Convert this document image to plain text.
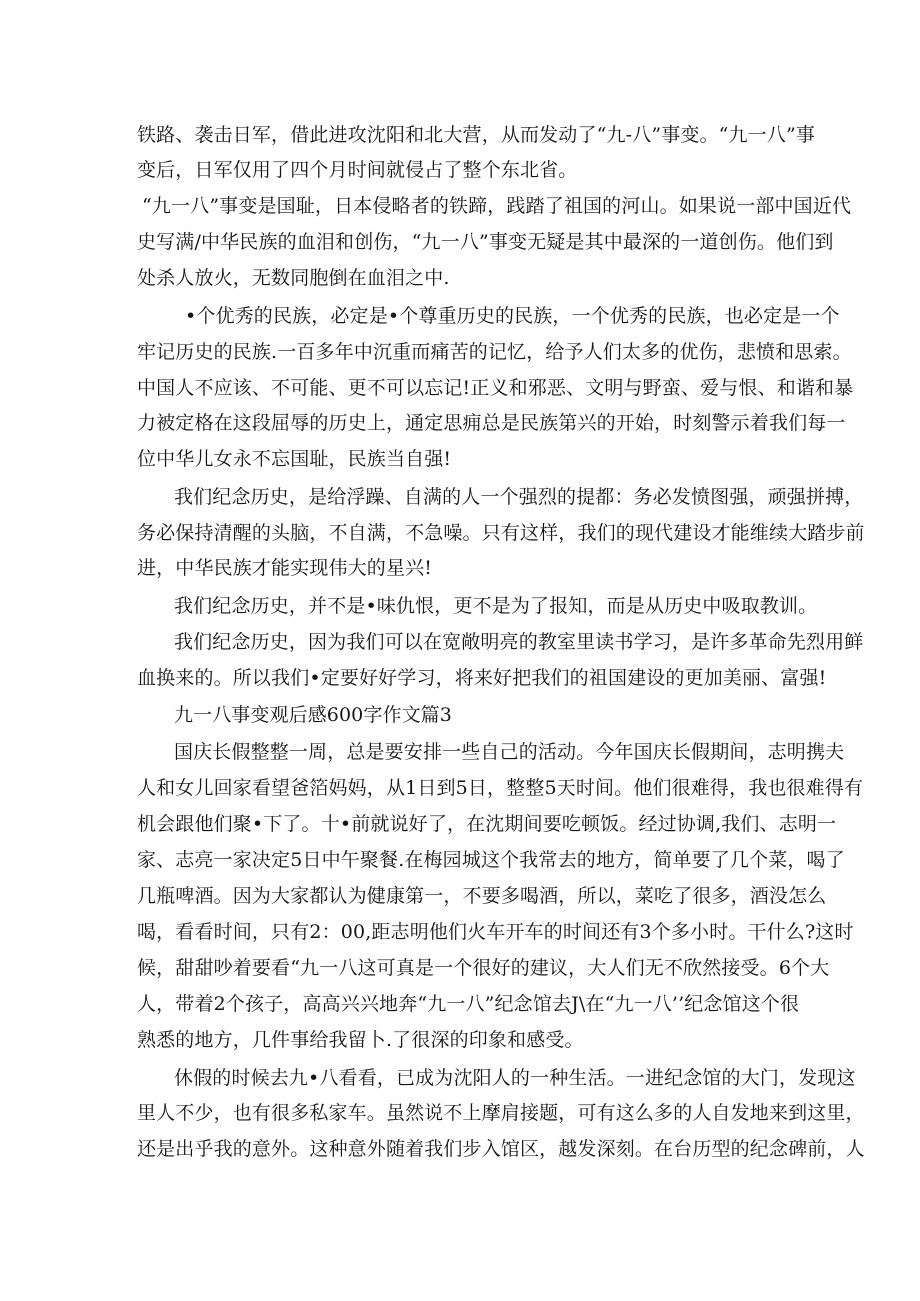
铁路、袭击日军，借此进攻沈阳和北大营，从而发动了“九-八”事变。“九一八”事

变后，日军仅用了四个月时间就侵占了整个东北省。

“九一八”事变是国耻，日本侵略者的铁蹄，践踏了祖国的河山。如果说一部中国近代

史写满/中华民族的血泪和创伤，“九一八”事变无疑是其中最深的一道创伤。他们到

处杀人放火，无数同胞倒在血泪之中.

•个优秀的民族，必定是•个尊重历史的民族，一个优秀的民族，也必定是一个

牢记历史的民族.一百多年中沉重而痛苦的记忆，给予人们太多的优伤，悲愤和思索。

中国人不应该、不可能、更不可以忘记!正义和邪恶、文明与野蛮、爱与恨、和谐和暴

力被定格在这段屈辱的历史上，通定思痈总是民族第兴的开始，时刻警示着我们每一

位中华儿女永不忘国耻，民族当自强!

我们纪念历史，是给浮躁、自满的人一个强烈的提都：务必发愤图强，顽强拼搏，

务必保持清醒的头脑，不自满，不急噪。只有这样，我们的现代建设才能维续大踏步前

进，中华民族才能实现伟大的星兴!

我们纪念历史，并不是•味仇恨，更不是为了报知，而是从历史中吸取教训。

我们纪念历史，因为我们可以在宽敞明亮的教室里读书学习，是许多革命先烈用鲜

血换来的。所以我们•定要好好学习，将来好把我们的祖国建设的更加美丽、富强!

九一八事变观后感600字作文篇3

国庆长假整整一周，总是要安排一些自己的活动。今年国庆长假期间，志明携夫

人和女儿回家看望爸箔妈妈，从1日到5日，整整5天时间。他们很难得，我也很难得有

机会跟他们聚•下了。十•前就说好了，在沈期间要吃顿饭。经过协调,我们、志明一

家、志亮一家决定5日中午聚餐.在梅园城这个我常去的地方，简单要了几个菜，喝了

几瓶啤酒。因为大家都认为健康第一，不要多喝酒，所以，菜吃了很多，酒没怎么

喝，看看时间，只有2：00,距志明他们火车开车的时间还有3个多小时。干什么?这时

候，甜甜吵着要看“九一八这可真是一个很好的建议，大人们无不欣然接受。6个大

人，带着2个孩子，高高兴兴地奔“九一八”纪念馆去J\在“九一八’’纪念馆这个很

熟悉的地方，几件事给我留卜.了很深的印象和感受。

休假的时候去九•八看看，已成为沈阳人的一种生活。一进纪念馆的大门，发现这

里人不少，也有很多私家车。虽然说不上摩肩接题，可有这么多的人自发地来到这里，

还是出乎我的意外。这种意外随着我们步入馆区，越发深刻。在台历型的纪念碑前，人
